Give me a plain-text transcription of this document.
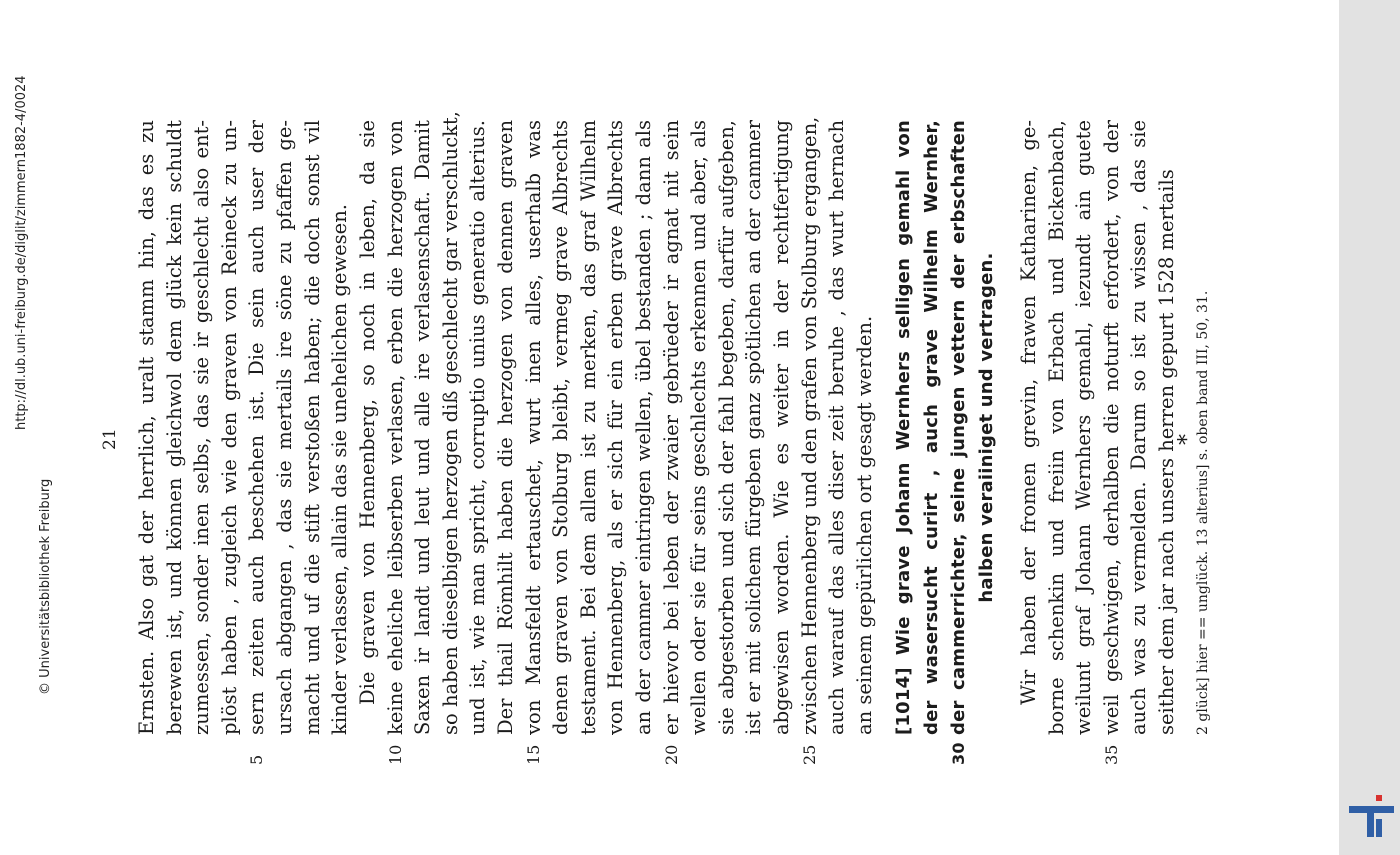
21 Ernsten. Also gat der herrlich, uralt stamm hin, das es zu berewen ist, und können gleichwol dem glück kein schuldt zumessen, sonder inen selbs, das sie ir geschlecht also ent- plöst haben , zugleich wie den graven von Reineck zu un-
5
sern zeiten auch beschehen ist. Die sein auch user der ursach abgangen , das sie mertails ire söne zu pfaffen ge- macht und uf die stift verstoßen haben; die doch sonst vil kinder verlassen, allain das sie unehelichen gewesen. Die graven von Hennenberg, so noch in leben, da sie
10
keine eheliche leibserben verlasen, erben die herzogen von Saxen ir landt und leut und alle ire verlasenschaft. Damit so haben dieselbigen herzogen diß geschlecht gar verschluckt, und ist, wie man spricht, corruptio unius generatio alterius. Der thail Römhilt haben die herzogen von dennen graven
15
von Mansfeldt ertauschet, wurt inen alles, userhalb was denen graven von Stolburg bleibt, vermeg grave Albrechts testament. Bei dem allem ist zu merken, das graf Wilhelm von Hennenberg, als er sich für ein erben grave Albrechts an der cammer eintringen wellen, übel bestanden ; dann als
20
er hievor bei leben der zwaier gebrüeder ir agnat nit sein wellen oder sie für seins geschlechts erkennen und aber, als sie abgestorben und sich der fahl begeben, darfür aufgeben, ist er mit solichem fürgeben ganz spötlichen an der cammer abgewisen worden. Wie es weiter in der rechtfertigung
25
zwischen Hennenberg und den grafen von Stolburg ergangen, auch warauf das alles diser zeit beruhe , das wurt hernach an seinem gepürlichen ort gesagt werden. [1014] Wie grave Johann Wernhers selligen gemahl von der wasersucht curirt , auch grave Wilhelm Wernher,
30
der cammerrichter, seine jungen vettern der erbschaften halben veraiiniget und vertragen. Wir haben der fromen grevin, frawen Katharinen, ge- borne schenkin und freiin von Erbach und Bickenbach, weilunt graf Johann Wernhers gemahl, iezundt ain guete
35
weil geschwigen, derhalben die noturft erfordert, von der auch was zu vermelden. Darum so ist zu wissen , das sie seither dem jar nach unsers herren gepurt 1528 mertails
*
2 glück] hier == unglück. 13 alterius] s. oben band III, 50, 31.
http://dl.ub.uni-freiburg.de/diglit/zimmern1882-4/0024
© Universitätsbibliothek Freiburg
